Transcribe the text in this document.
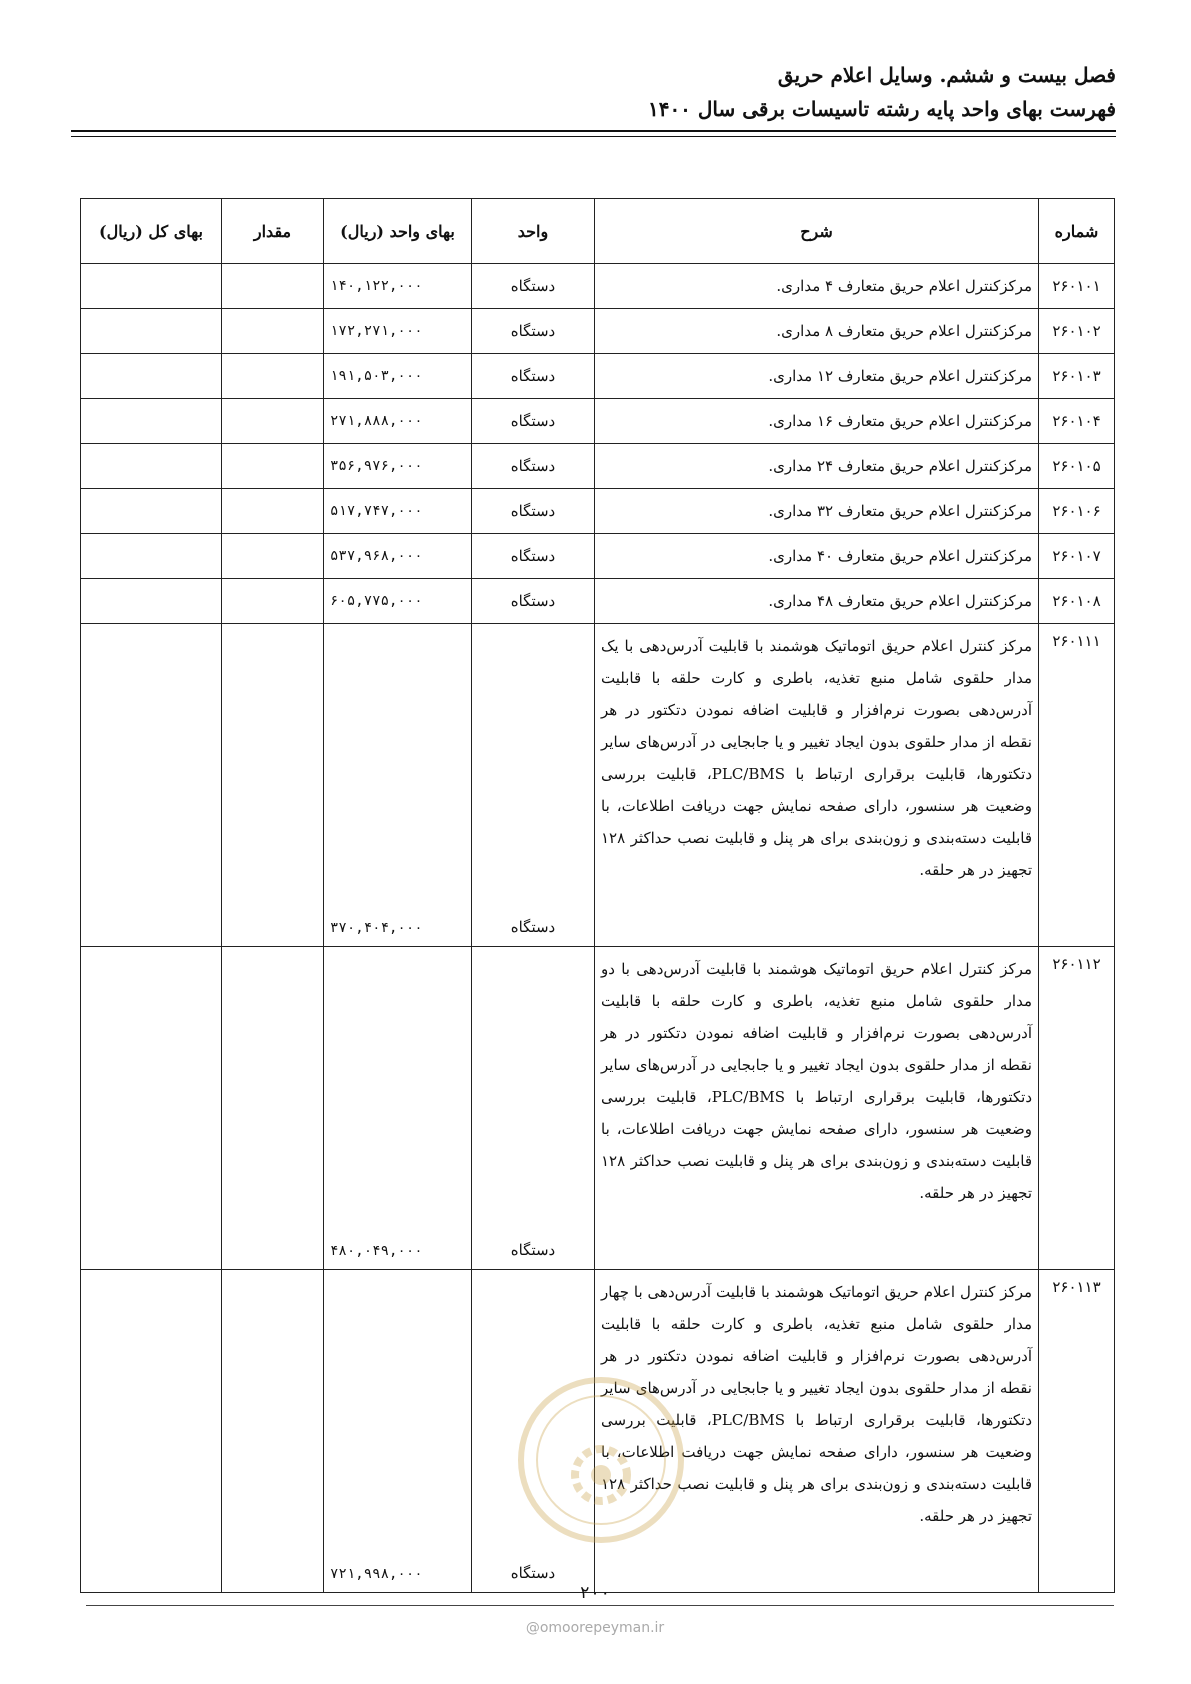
فصل بیست و ششم. وسایل اعلام حریق
فهرست بهای واحد پایه رشته تاسیسات برقی سال ۱۴۰۰
شماره	شرح	واحد	بهای واحد (ریال)	مقدار	بهای کل (ریال)
۲۶۰۱۰۱	مرکزکنترل اعلام حریق متعارف ۴ مداری.	دستگاه	۱۴۰,۱۲۲,۰۰۰		
۲۶۰۱۰۲	مرکزکنترل اعلام حریق متعارف ۸ مداری.	دستگاه	۱۷۲,۲۷۱,۰۰۰		
۲۶۰۱۰۳	مرکزکنترل اعلام حریق متعارف ۱۲ مداری.	دستگاه	۱۹۱,۵۰۳,۰۰۰		
۲۶۰۱۰۴	مرکزکنترل اعلام حریق متعارف ۱۶ مداری.	دستگاه	۲۷۱,۸۸۸,۰۰۰		
۲۶۰۱۰۵	مرکزکنترل اعلام حریق متعارف ۲۴ مداری.	دستگاه	۳۵۶,۹۷۶,۰۰۰		
۲۶۰۱۰۶	مرکزکنترل اعلام حریق متعارف ۳۲ مداری.	دستگاه	۵۱۷,۷۴۷,۰۰۰		
۲۶۰۱۰۷	مرکزکنترل اعلام حریق متعارف ۴۰ مداری.	دستگاه	۵۳۷,۹۶۸,۰۰۰		
۲۶۰۱۰۸	مرکزکنترل اعلام حریق متعارف ۴۸ مداری.	دستگاه	۶۰۵,۷۷۵,۰۰۰		
۲۶۰۱۱۱	مرکز کنترل اعلام حریق اتوماتیک هوشمند با قابلیت آدرس‌دهی با یک مدار حلقوی شامل منبع تغذیه، باطری و کارت حلقه با قابلیت آدرس‌دهی بصورت نرم‌افزار و قابلیت اضافه نمودن دتکتور در هر نقطه از مدار حلقوی بدون ایجاد تغییر و یا جابجایی در آدرس‌های سایر دتکتورها، قابلیت برقراری ارتباط با PLC/BMS، قابلیت بررسی وضعیت هر سنسور، دارای صفحه نمایش جهت دریافت اطلاعات، با قابلیت دسته‌بندی و زون‌بندی برای هر پنل و قابلیت نصب حداکثر ۱۲۸ تجهیز در هر حلقه.	دستگاه	۳۷۰,۴۰۴,۰۰۰		
۲۶۰۱۱۲	مرکز کنترل اعلام حریق اتوماتیک هوشمند با قابلیت آدرس‌دهی با دو مدار حلقوی شامل منبع تغذیه، باطری و کارت حلقه با قابلیت آدرس‌دهی بصورت نرم‌افزار و قابلیت اضافه نمودن دتکتور در هر نقطه از مدار حلقوی بدون ایجاد تغییر و یا جابجایی در آدرس‌های سایر دتکتورها، قابلیت برقراری ارتباط با PLC/BMS، قابلیت بررسی وضعیت هر سنسور، دارای صفحه نمایش جهت دریافت اطلاعات، با قابلیت دسته‌بندی و زون‌بندی برای هر پنل و قابلیت نصب حداکثر ۱۲۸ تجهیز در هر حلقه.	دستگاه	۴۸۰,۰۴۹,۰۰۰		
۲۶۰۱۱۳	مرکز کنترل اعلام حریق اتوماتیک هوشمند با قابلیت آدرس‌دهی با چهار مدار حلقوی شامل منبع تغذیه، باطری و کارت حلقه با قابلیت آدرس‌دهی بصورت نرم‌افزار و قابلیت اضافه نمودن دتکتور در هر نقطه از مدار حلقوی بدون ایجاد تغییر و یا جابجایی در آدرس‌های سایر دتکتورها، قابلیت برقراری ارتباط با PLC/BMS، قابلیت بررسی وضعیت هر سنسور، دارای صفحه نمایش جهت دریافت اطلاعات، با قابلیت دسته‌بندی و زون‌بندی برای هر پنل و قابلیت نصب حداکثر ۱۲۸ تجهیز در هر حلقه.	دستگاه	۷۲۱,۹۹۸,۰۰۰		
۲۰۰
@omoorepeyman.ir
